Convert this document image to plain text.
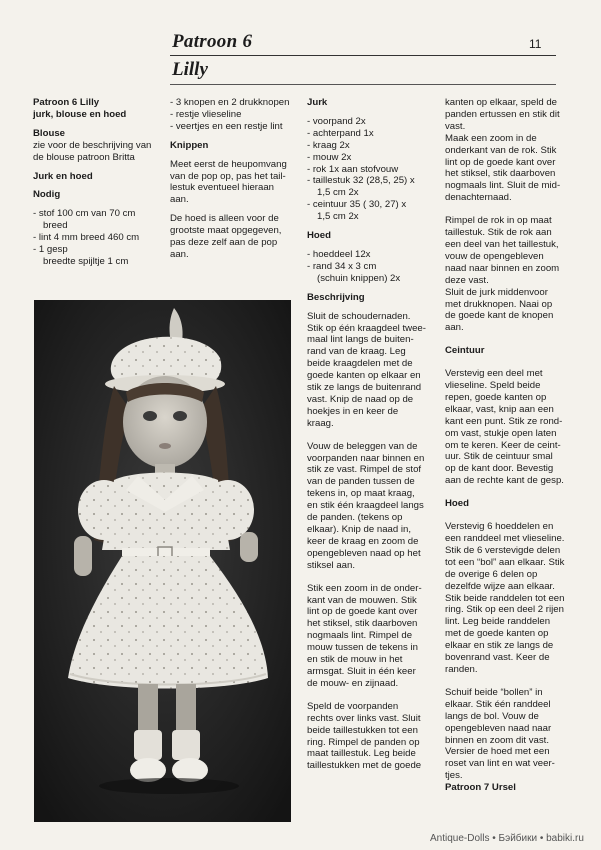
Patroon 6	11
Lilly

Patroon 6 Lilly

jurk, blouse en hoed

Blouse

zie voor de beschrijving van

de blouse patroon Britta

Jurk en hoed

Nodig

- stof 100 cm van 70 cm

breed

- lint 4 mm breed 460 cm

- 1 gesp

breedte spijltje 1 cm

- 3 knopen en 2 drukknopen

- restje vlieseline

- veertjes en een restje lint

Knippen

Meet eerst de heupomvang

van de pop op, pas het tail-

lestuk eventueel hieraan

aan.

De hoed is alleen voor de

grootste maat opgegeven,

pas deze zelf aan de pop

aan.

Jurk

- voorpand 2x

- achterpand 1x

- kraag 2x

- mouw 2x

- rok 1x aan stofvouw

- taillestuk 32 (28,5, 25) x

1,5 cm 2x

- ceintuur 35 ( 30, 27) x

1,5 cm 2x

Hoed

- hoeddeel 12x

- rand 34 x 3 cm

(schuin knippen) 2x

Beschrijving

Sluit de schoudernaden.

Stik op één kraagdeel twee-

maal lint langs de buiten-

rand van de kraag. Leg

beide kraagdelen met de

goede kanten op elkaar en

stik ze langs de buitenrand

vast. Knip de naad op de

hoekjes in en keer de

kraag.

Vouw de beleggen van de

voorpanden naar binnen en

stik ze vast. Rimpel de stof

van de panden tussen de

tekens in, op maat kraag,

en stik één kraagdeel langs

de panden. (tekens op

elkaar). Knip de naad in,

keer de kraag en zoom de

opengebleven naad op het

stiksel aan.

Stik een zoom in de onder-

kant van de mouwen. Stik

lint op de goede kant over

het stiksel, stik daarboven

nogmaals lint. Rimpel de

mouw tussen de tekens in

en stik de mouw in het

armsgat. Sluit in één keer

de mouw- en zijnaad.

Speld de voorpanden

rechts over links vast. Sluit

beide taillestukken tot een

ring. Rimpel de panden op

maat taillestuk. Leg beide

taillestukken met de goede

kanten op elkaar, speld de

panden ertussen en stik dit

vast.

Maak een zoom in de

onderkant van de rok. Stik

lint op de goede kant over

het stiksel, stik daarboven

nogmaals lint. Sluit de mid-

denachternaad.

Rimpel de rok in op maat

taillestuk. Stik de rok aan

een deel van het taillestuk,

vouw de opengebleven

naad naar binnen en zoom

deze vast.

Sluit de jurk middenvoor

met drukknopen. Naai op

de goede kant de knopen

aan.

Ceintuur

Verstevig een deel met

vlieseline. Speld beide

repen, goede kanten op

elkaar, vast, knip aan een

kant een punt. Stik ze rond-

om vast, stukje open laten

om te keren. Keer de ceint-

uur. Stik de ceintuur smal

op de kant door. Bevestig

aan de rechte kant de gesp.

Hoed

Verstevig 6 hoeddelen en

een randdeel met vlieseline.

Stik de 6 verstevigde delen

tot een “bol” aan elkaar. Stik

de overige 6 delen op

dezelfde wijze aan elkaar.

Stik beide randdelen tot een

ring. Stik op een deel 2 rijen

lint. Leg beide randdelen

met de goede kanten op

elkaar en stik ze langs de

bovenrand vast. Keer de

randen.

Schuif beide “bollen” in

elkaar. Stik één randdeel

langs de bol. Vouw de

opengebleven naad naar

binnen en zoom dit vast.

Versier de hoed met een

roset van lint en wat veer-

tjes.

Patroon 7 Ursel

Antique-Dolls • Бэйбики • babiki.ru
